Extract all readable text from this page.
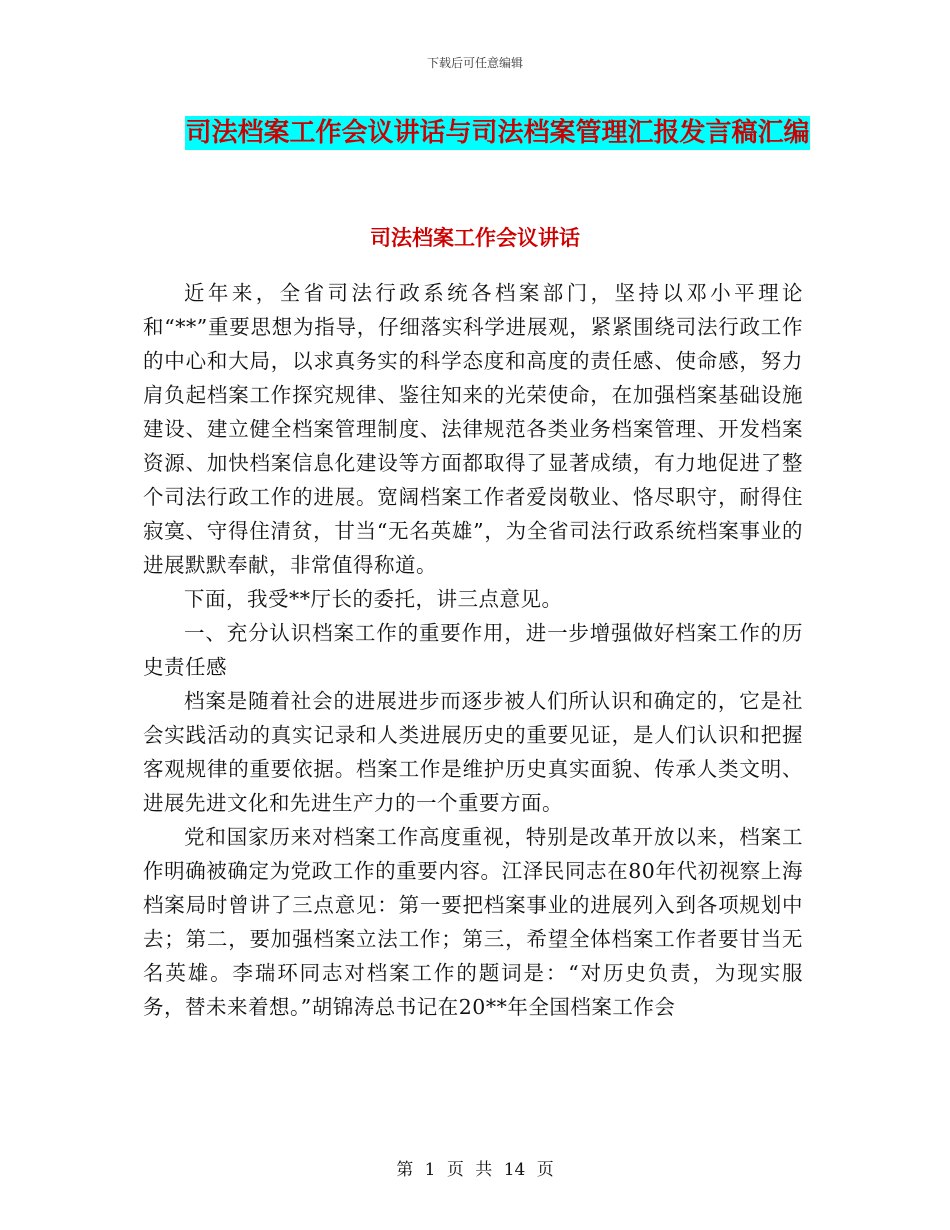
下载后可任意编辑
司法档案工作会议讲话与司法档案管理汇报发言稿汇编
司法档案工作会议讲话

近年来，全省司法行政系统各档案部门，坚持以邓小平理论和“**”重要思想为指导，仔细落实科学进展观，紧紧围绕司法行政工作的中心和大局，以求真务实的科学态度和高度的责任感、使命感，努力肩负起档案工作探究规律、鉴往知来的光荣使命，在加强档案基础设施建设、建立健全档案管理制度、法律规范各类业务档案管理、开发档案资源、加快档案信息化建设等方面都取得了显著成绩，有力地促进了整个司法行政工作的进展。宽阔档案工作者爱岗敬业、恪尽职守，耐得住寂寞、守得住清贫，甘当“无名英雄”，为全省司法行政系统档案事业的进展默默奉献，非常值得称道。

下面，我受**厅长的委托，讲三点意见。

一、充分认识档案工作的重要作用，进一步增强做好档案工作的历史责任感

档案是随着社会的进展进步而逐步被人们所认识和确定的，它是社会实践活动的真实记录和人类进展历史的重要见证，是人们认识和把握客观规律的重要依据。档案工作是维护历史真实面貌、传承人类文明、进展先进文化和先进生产力的一个重要方面。

党和国家历来对档案工作高度重视，特别是改革开放以来，档案工作明确被确定为党政工作的重要内容。江泽民同志在80年代初视察上海档案局时曾讲了三点意见：第一要把档案事业的进展列入到各项规划中去；第二，要加强档案立法工作；第三，希望全体档案工作者要甘当无名英雄。李瑞环同志对档案工作的题词是：“对历史负责，为现实服务，替未来着想。”胡锦涛总书记在20**年全国档案工作会

第 1 页 共 14 页
